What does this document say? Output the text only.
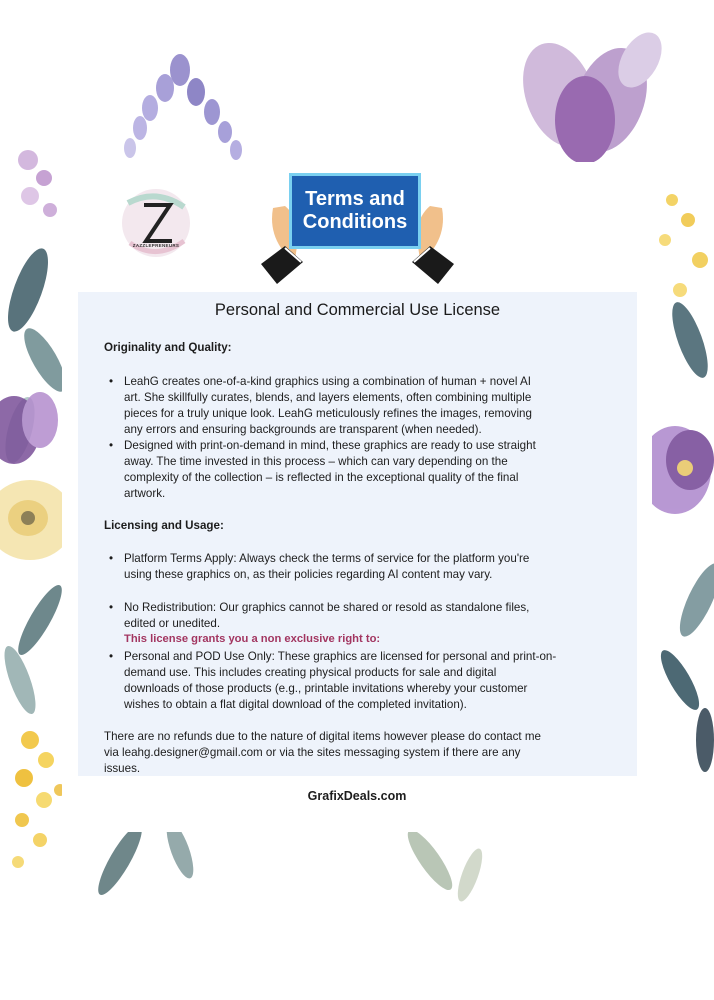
ZAZZLEPRENEURS
Terms and
Conditions
Personal and Commercial Use License
Originality and Quality:
• LeahG creates one-of-a-kind graphics using a combination of human + novel AI
art. She skillfully curates, blends, and layers elements, often combining multiple
pieces for a truly unique look. LeahG meticulously refines the images, removing
any errors and ensuring backgrounds are transparent (when needed).
• Designed with print-on-demand in mind, these graphics are ready to use straight
away. The time invested in this process – which can vary depending on the
complexity of the collection – is reflected in the exceptional quality of the final
artwork.
Licensing and Usage:
• Platform Terms Apply: Always check the terms of service for the platform you're
using these graphics on, as their policies regarding AI content may vary.
• No Redistribution: Our graphics cannot be shared or resold as standalone files,
edited or unedited.
This license grants you a non exclusive right to:
• Personal and POD Use Only: These graphics are licensed for personal and print-on-
demand use. This includes creating physical products for sale and digital
downloads of those products (e.g., printable invitations whereby your customer
wishes to obtain a flat digital download of the completed invitation).
There are no refunds due to the nature of digital items however please do contact me
via leahg.designer@gmail.com or via the sites messaging system if there are any
issues.
GrafixDeals.com
